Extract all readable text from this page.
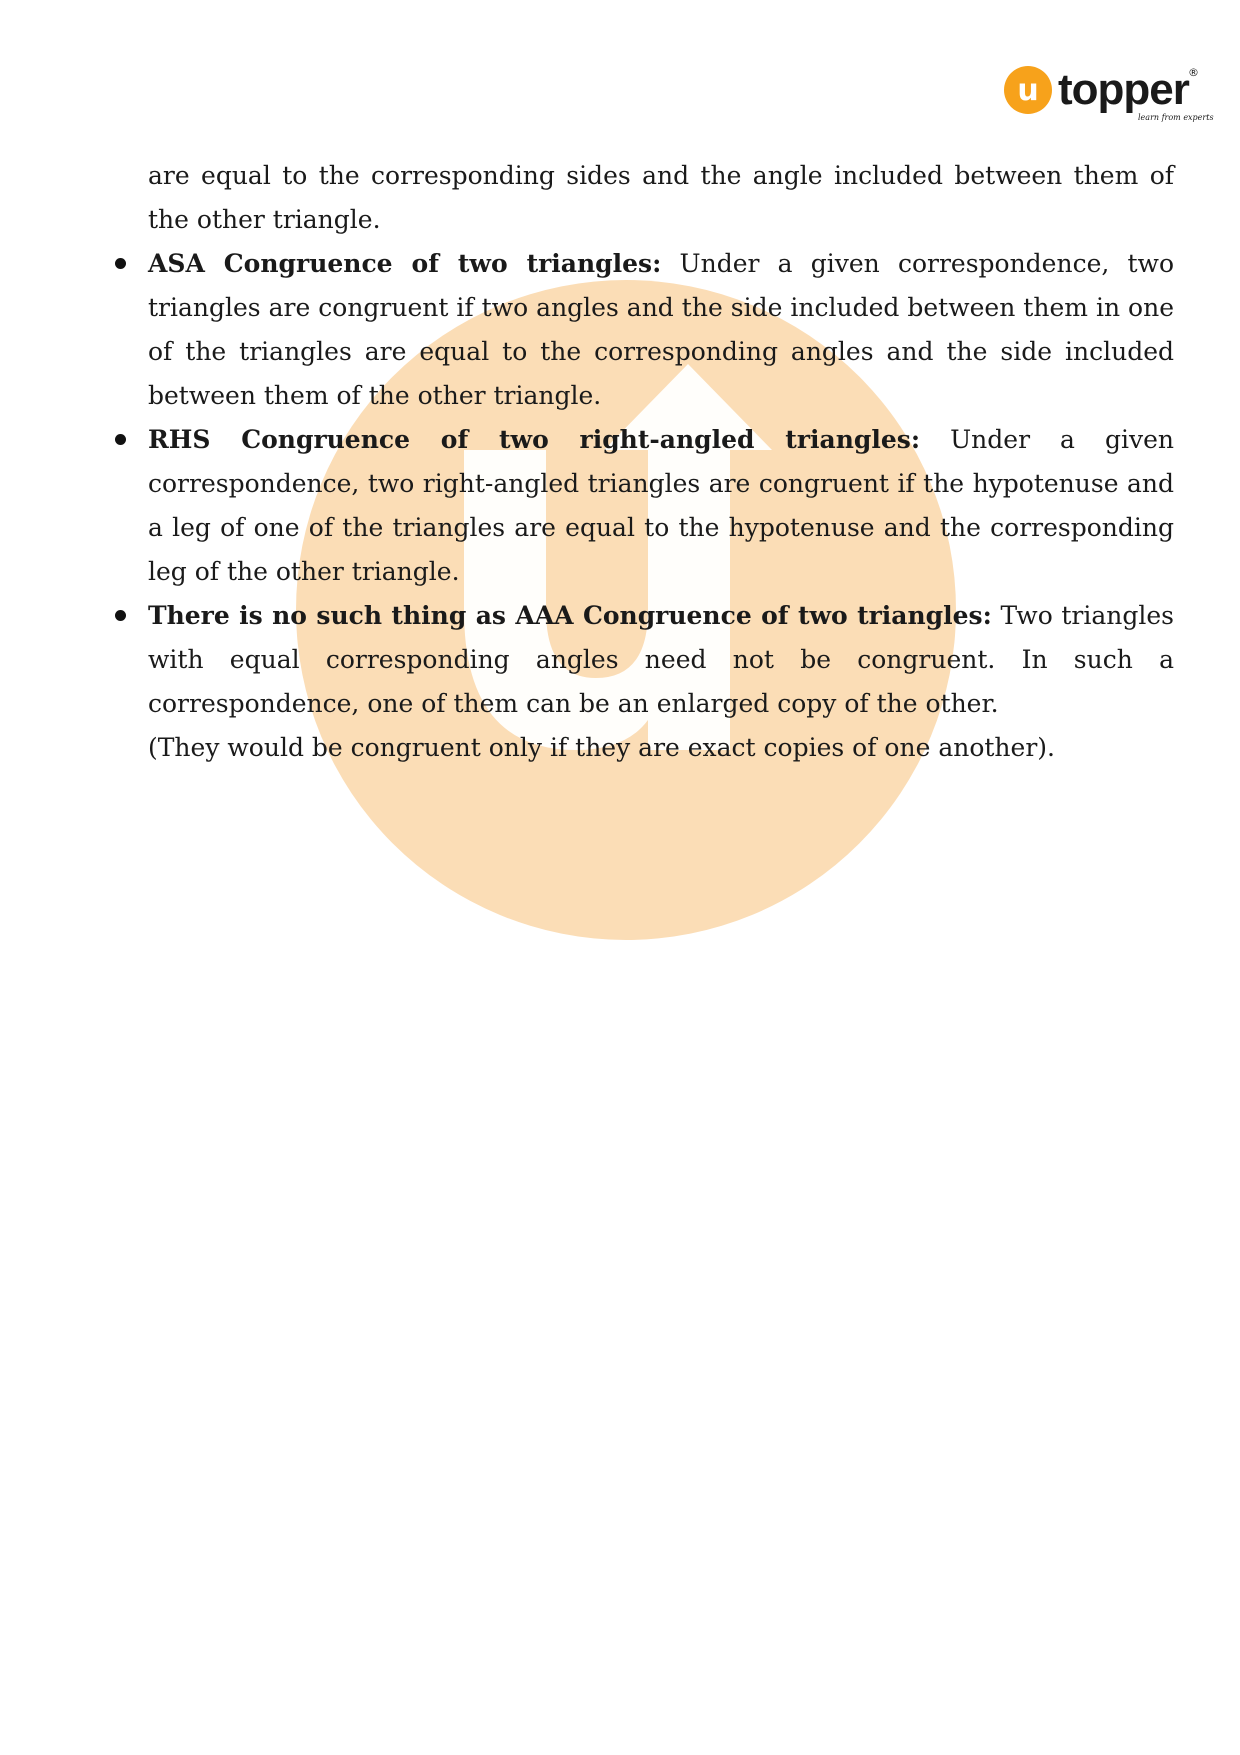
u topper ®
learn from experts

are equal to the corresponding sides and the angle included between them of the other triangle.

ASA Congruence of two triangles: Under a given correspondence, two triangles are congruent if two angles and the side included between them in one of the triangles are equal to the corresponding angles and the side included between them of the other triangle.
RHS Congruence of two right-angled triangles: Under a given correspondence, two right-angled triangles are congruent if the hypotenuse and a leg of one of the triangles are equal to the hypotenuse and the corresponding leg of the other triangle.
There is no such thing as AAA Congruence of two triangles: Two triangles with equal corresponding angles need not be congruent. In such a correspondence, one of them can be an enlarged copy of the other.

(They would be congruent only if they are exact copies of one another).
